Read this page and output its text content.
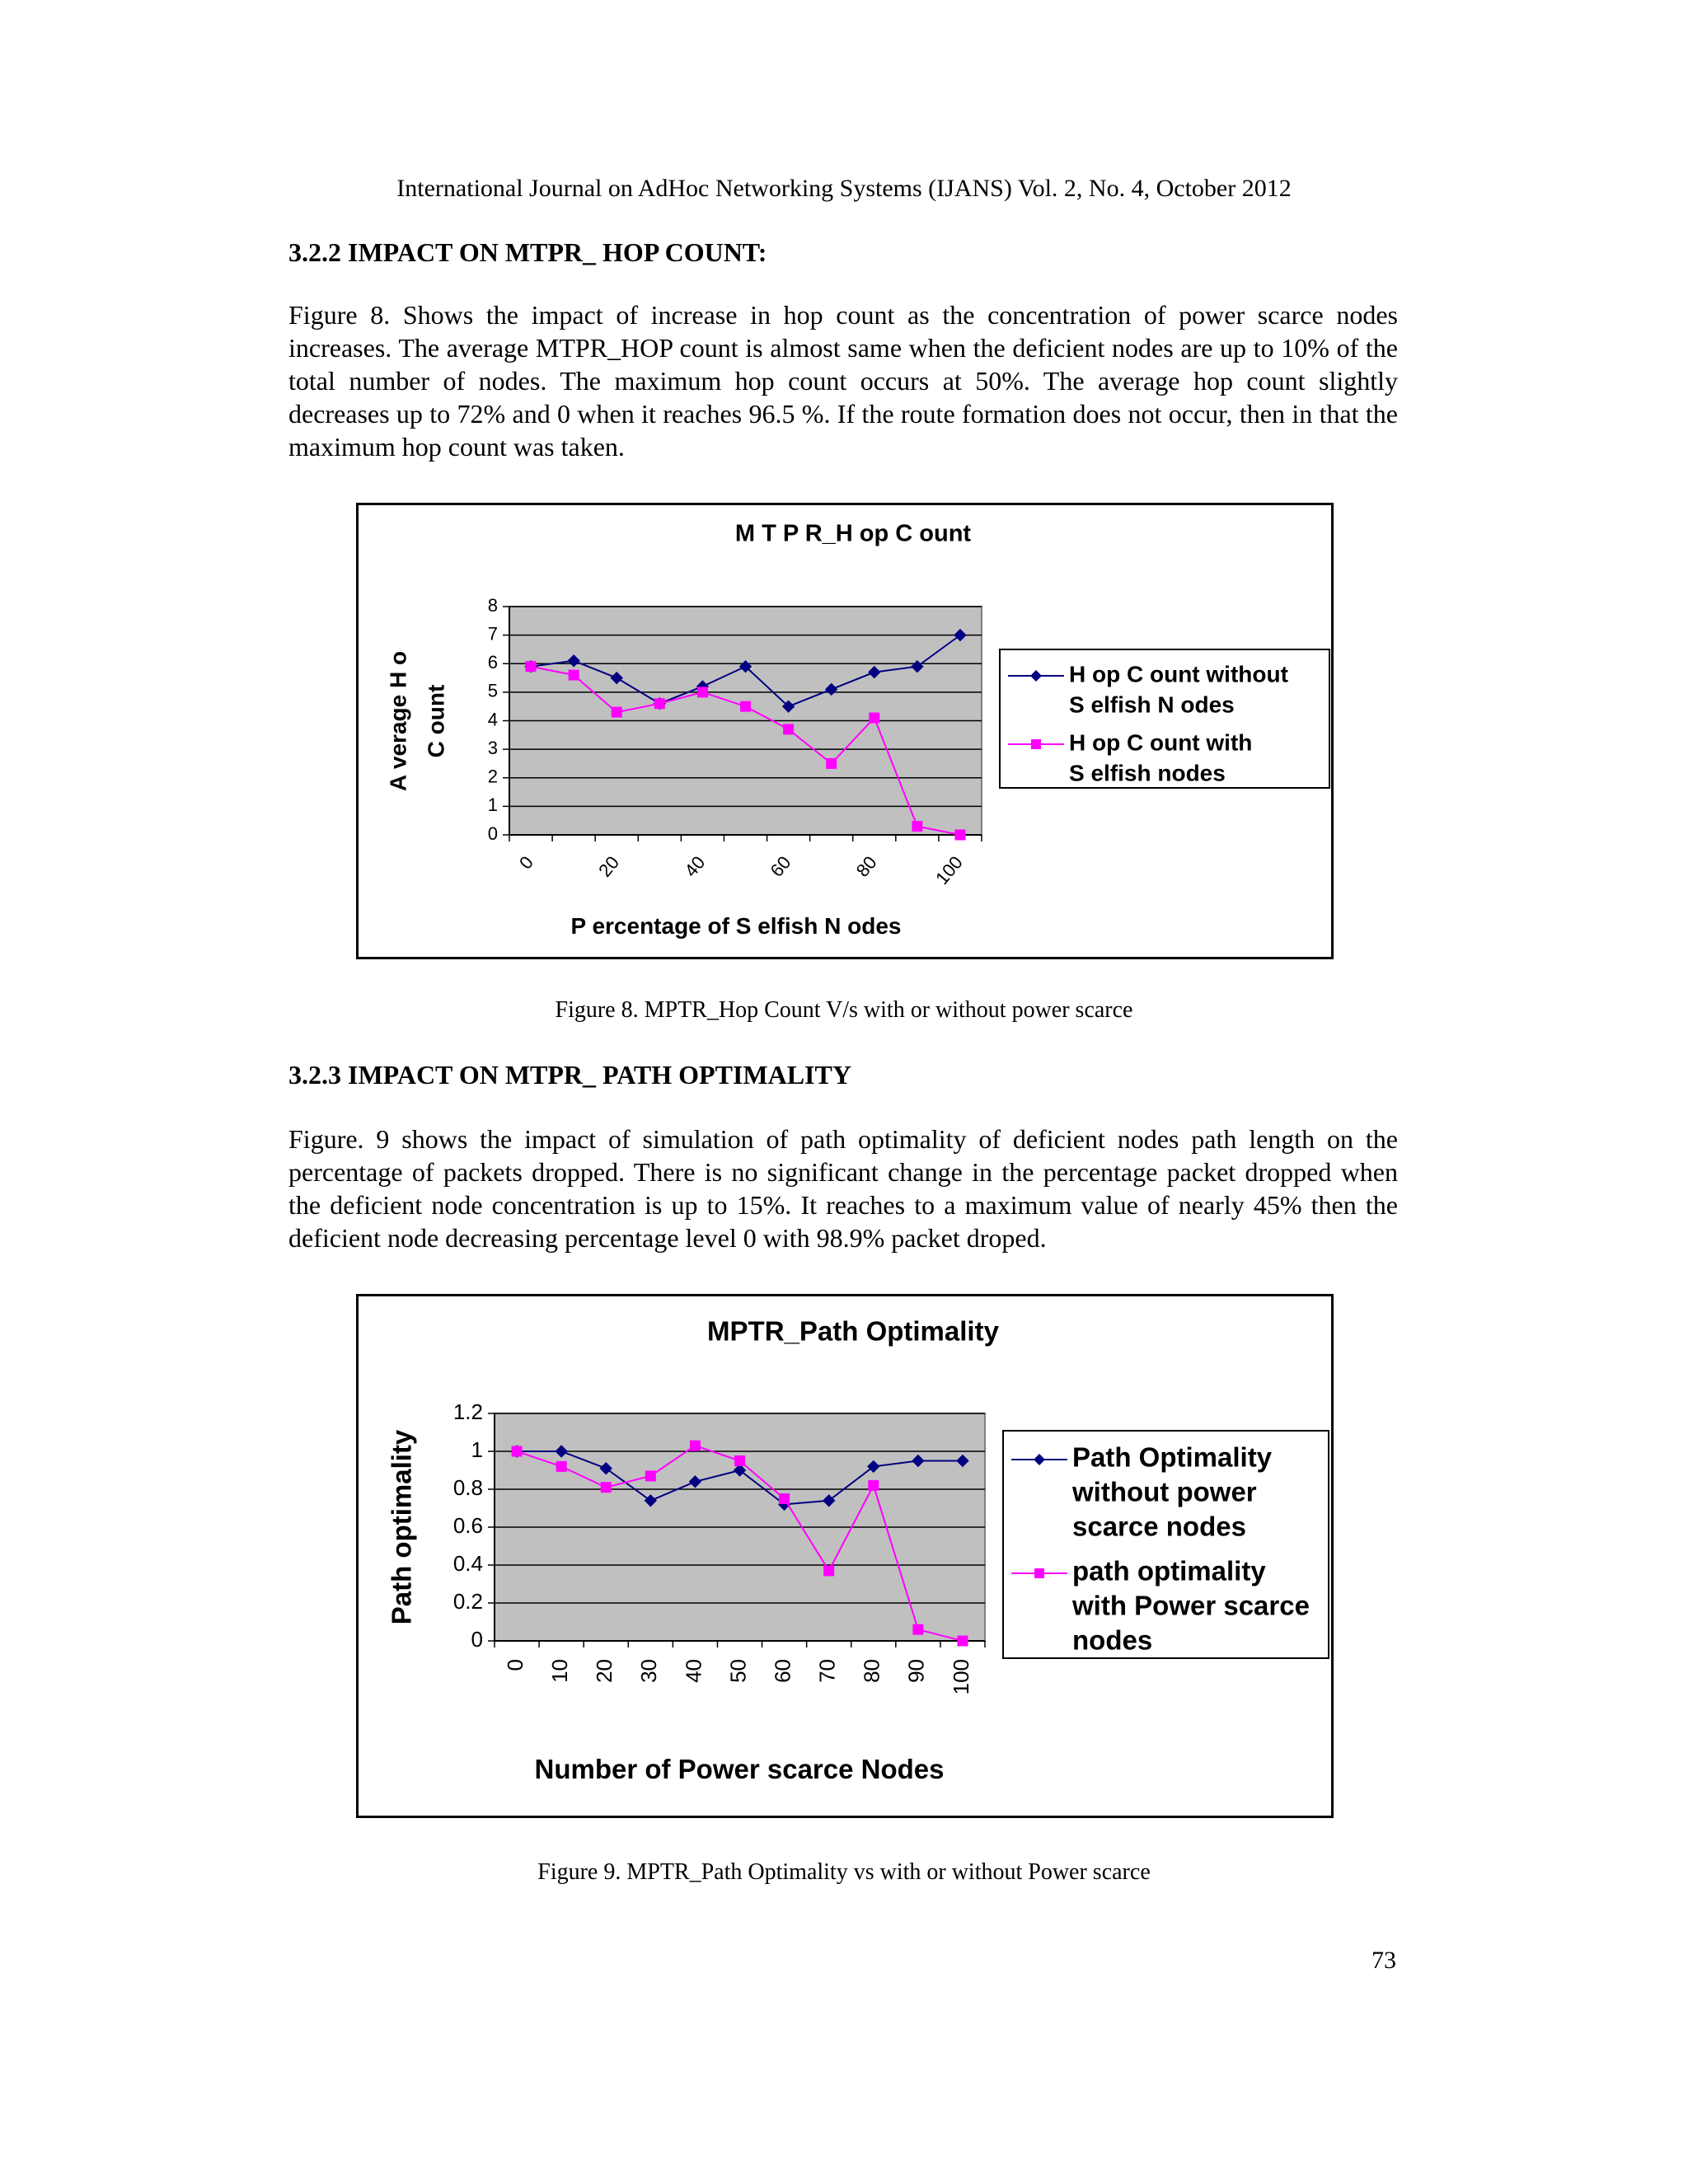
International Journal on AdHoc Networking Systems (IJANS) Vol. 2, No. 4, October 2012
3.2.2 IMPACT ON MTPR_ HOP COUNT:

Figure 8. Shows the impact of increase in hop count as the concentration of power scarce nodes increases. The average MTPR_HOP count is almost same when the deficient nodes are up to 10% of the total number of nodes. The maximum hop count occurs at 50%. The average hop count slightly decreases up to 72% and 0 when it reaches 96.5 %. If the route formation does not occur, then in that the maximum hop count was taken.

M T P R_H op C ount
0
1
2
3
4
5
6
7
8
0	20	40	60	80	100
P ercentage of S elfish N odes
A verage H o C ount
H op C ount without
S elfish N odes
H op C ount with
S elfish nodes
Figure 8. MPTR_Hop Count V/s with or without power scarce
3.2.3 IMPACT ON MTPR_ PATH OPTIMALITY

Figure. 9 shows the impact of simulation of path optimality of deficient nodes path length on the percentage of packets dropped. There is no significant change in the percentage packet dropped when the deficient node concentration is up to 15%. It reaches to a maximum value of nearly 45% then the deficient node decreasing percentage level 0 with 98.9% packet droped.

MPTR_Path Optimality
0
0.2
0.4
0.6
0.8
1
1.2
0 10 20 30 40 50 60 70 80 90 100
Number of Power scarce Nodes
Path optimality	Path Optimality
without power
scarce nodes
path optimality
with Power scarce
nodes
Figure 9. MPTR_Path Optimality vs with or without Power scarce
73
